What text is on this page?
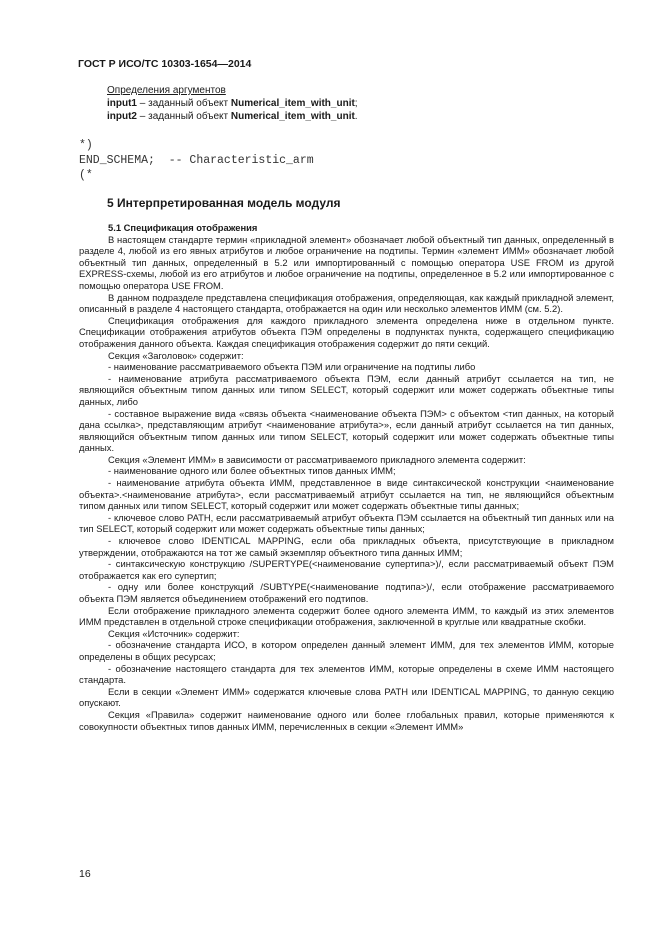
ГОСТ Р ИСО/ТС 10303-1654—2014
Определения аргументов
input1 – заданный объект Numerical_item_with_unit;
input2 – заданный объект Numerical_item_with_unit.
*)
END_SCHEMA;  -- Characteristic_arm
(*
5 Интерпретированная модель модуля

5.1 Спецификация отображения

В настоящем стандарте термин «прикладной элемент» обозначает любой объектный тип данных, определенный в разделе 4, любой из его явных атрибутов и любое ограничение на подтипы. Термин «элемент ИММ» обозначает любой объектный тип данных, определенный в 5.2 или импортированный с помощью оператора USE FROM из другой EXPRESS-схемы, любой из его атрибутов и любое ограничение на подтипы, определенное в 5.2 или импортированное с помощью оператора USE FROM.

В данном подразделе представлена спецификация отображения, определяющая, как каждый прикладной элемент, описанный в разделе 4 настоящего стандарта, отображается на один или несколько элементов ИММ (см. 5.2).

Спецификация отображения для каждого прикладного элемента определена ниже в отдельном пункте. Спецификации отображения атрибутов объекта ПЭМ определены в подпунктах пункта, содержащего спецификацию отображения данного объекта. Каждая спецификация отображения содержит до пяти секций.

Секция «Заголовок» содержит:

- наименование рассматриваемого объекта ПЭМ или ограничение на подтипы либо

- наименование атрибута рассматриваемого объекта ПЭМ, если данный атрибут ссылается на тип, не являющийся объектным типом данных или типом SELECT, который содержит или может содержать объектные типы данных, либо

- составное выражение вида «связь объекта <наименование объекта ПЭМ> с объектом <тип данных, на который дана ссылка>, представляющим атрибут <наименование атрибута>», если данный атрибут ссылается на тип данных, являющийся объектным типом данных или типом SELECT, который содержит или может содержать объектные типы данных.

Секция «Элемент ИММ» в зависимости от рассматриваемого прикладного элемента содержит:

- наименование одного или более объектных типов данных ИММ;

- наименование атрибута объекта ИММ, представленное в виде синтаксической конструкции <наименование объекта>.<наименование атрибута>, если рассматриваемый атрибут ссылается на тип, не являющийся объектным типом данных или типом SELECT, который содержит или может содержать объектные типы данных;

- ключевое слово PATH, если рассматриваемый атрибут объекта ПЭМ ссылается на объектный тип данных или на тип SELECT, который содержит или может содержать объектные типы данных;

- ключевое слово IDENTICAL MAPPING, если оба прикладных объекта, присутствующие в прикладном утверждении, отображаются на тот же самый экземпляр объектного типа данных ИММ;

- синтаксическую конструкцию /SUPERTYPE(<наименование супертипа>)/, если рассматриваемый объект ПЭМ отображается как его супертип;

- одну или более конструкций /SUBTYPE(<наименование подтипа>)/, если отображение рассматриваемого объекта ПЭМ является объединением отображений его подтипов.

Если отображение прикладного элемента содержит более одного элемента ИММ, то каждый из этих элементов ИММ представлен в отдельной строке спецификации отображения, заключенной в круглые или квадратные скобки.

Секция «Источник» содержит:

- обозначение стандарта ИСО, в котором определен данный элемент ИММ, для тех элементов ИММ, которые определены в общих ресурсах;

- обозначение настоящего стандарта для тех элементов ИММ, которые определены в схеме ИММ настоящего стандарта.

Если в секции «Элемент ИММ» содержатся ключевые слова PATH или IDENTICAL MAPPING, то данную секцию опускают.

Секция «Правила» содержит наименование одного или более глобальных правил, которые применяются к совокупности объектных типов данных ИММ, перечисленных в секции «Элемент ИММ»

16
